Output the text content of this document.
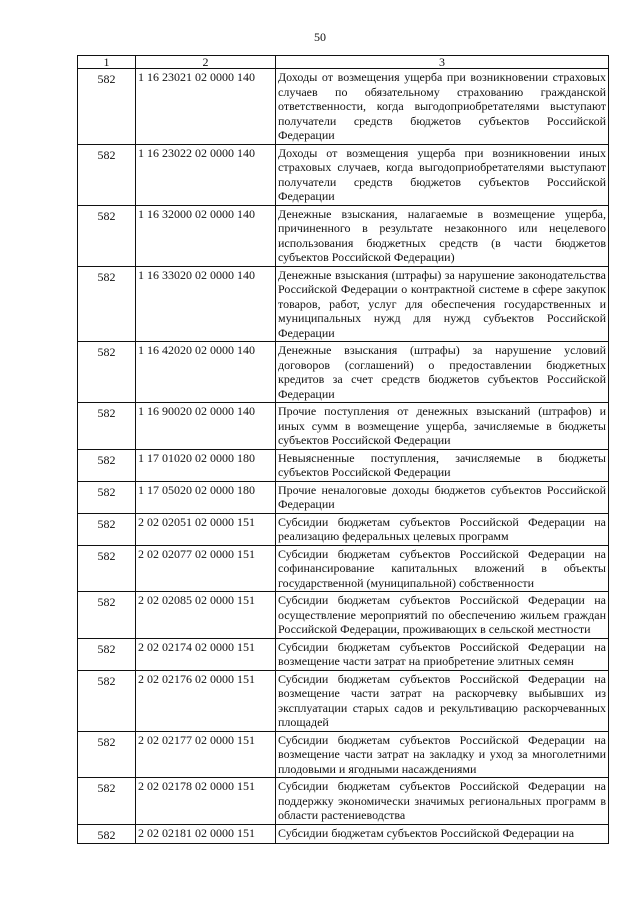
50
1	2	3
582	1 16 23021 02 0000 140	Доходы от возмещения ущерба при возникновении страховых случаев по обязательному страхованию гражданской ответственности, когда выгодоприобретателями выступают получатели средств бюджетов субъектов Российской Федерации
582	1 16 23022 02 0000 140	Доходы от возмещения ущерба при возникновении иных страховых случаев, когда выгодоприобретателями выступают получатели средств бюджетов субъектов Российской Федерации
582	1 16 32000 02 0000 140	Денежные взыскания, налагаемые в возмещение ущерба, причиненного в результате незаконного или нецелевого использования бюджетных средств (в части бюджетов субъектов Российской Федерации)
582	1 16 33020 02 0000 140	Денежные взыскания (штрафы) за нарушение законодательства Российской Федерации о контрактной системе в сфере закупок товаров, работ, услуг для обеспечения государственных и муниципальных нужд для нужд субъектов Российской Федерации
582	1 16 42020 02 0000 140	Денежные взыскания (штрафы) за нарушение условий договоров (соглашений) о предоставлении бюджетных кредитов за счет средств бюджетов субъектов Российской Федерации
582	1 16 90020 02 0000 140	Прочие поступления от денежных взысканий (штрафов) и иных сумм в возмещение ущерба, зачисляемые в бюджеты субъектов Российской Федерации
582	1 17 01020 02 0000 180	Невыясненные поступления, зачисляемые в бюджеты субъектов Российской Федерации
582	1 17 05020 02 0000 180	Прочие неналоговые доходы бюджетов субъектов Российской Федерации
582	2 02 02051 02 0000 151	Субсидии бюджетам субъектов Российской Федерации на реализацию федеральных целевых программ
582	2 02 02077 02 0000 151	Субсидии бюджетам субъектов Российской Федерации на софинансирование капитальных вложений в объекты государственной (муниципальной) собственности
582	2 02 02085 02 0000 151	Субсидии бюджетам субъектов Российской Федерации на осуществление мероприятий по обеспечению жильем граждан Российской Федерации, проживающих в сельской местности
582	2 02 02174 02 0000 151	Субсидии бюджетам субъектов Российской Федерации на возмещение части затрат на приобретение элитных семян
582	2 02 02176 02 0000 151	Субсидии бюджетам субъектов Российской Федерации на возмещение части затрат на раскорчевку выбывших из эксплуатации старых садов и рекультивацию раскорчеванных площадей
582	2 02 02177 02 0000 151	Субсидии бюджетам субъектов Российской Федерации на возмещение части затрат на закладку и уход за многолетними плодовыми и ягодными насаждениями
582	2 02 02178 02 0000 151	Субсидии бюджетам субъектов Российской Федерации на поддержку экономически значимых региональных программ в области растениеводства
582	2 02 02181 02 0000 151	Субсидии бюджетам субъектов Российской Федерации на
